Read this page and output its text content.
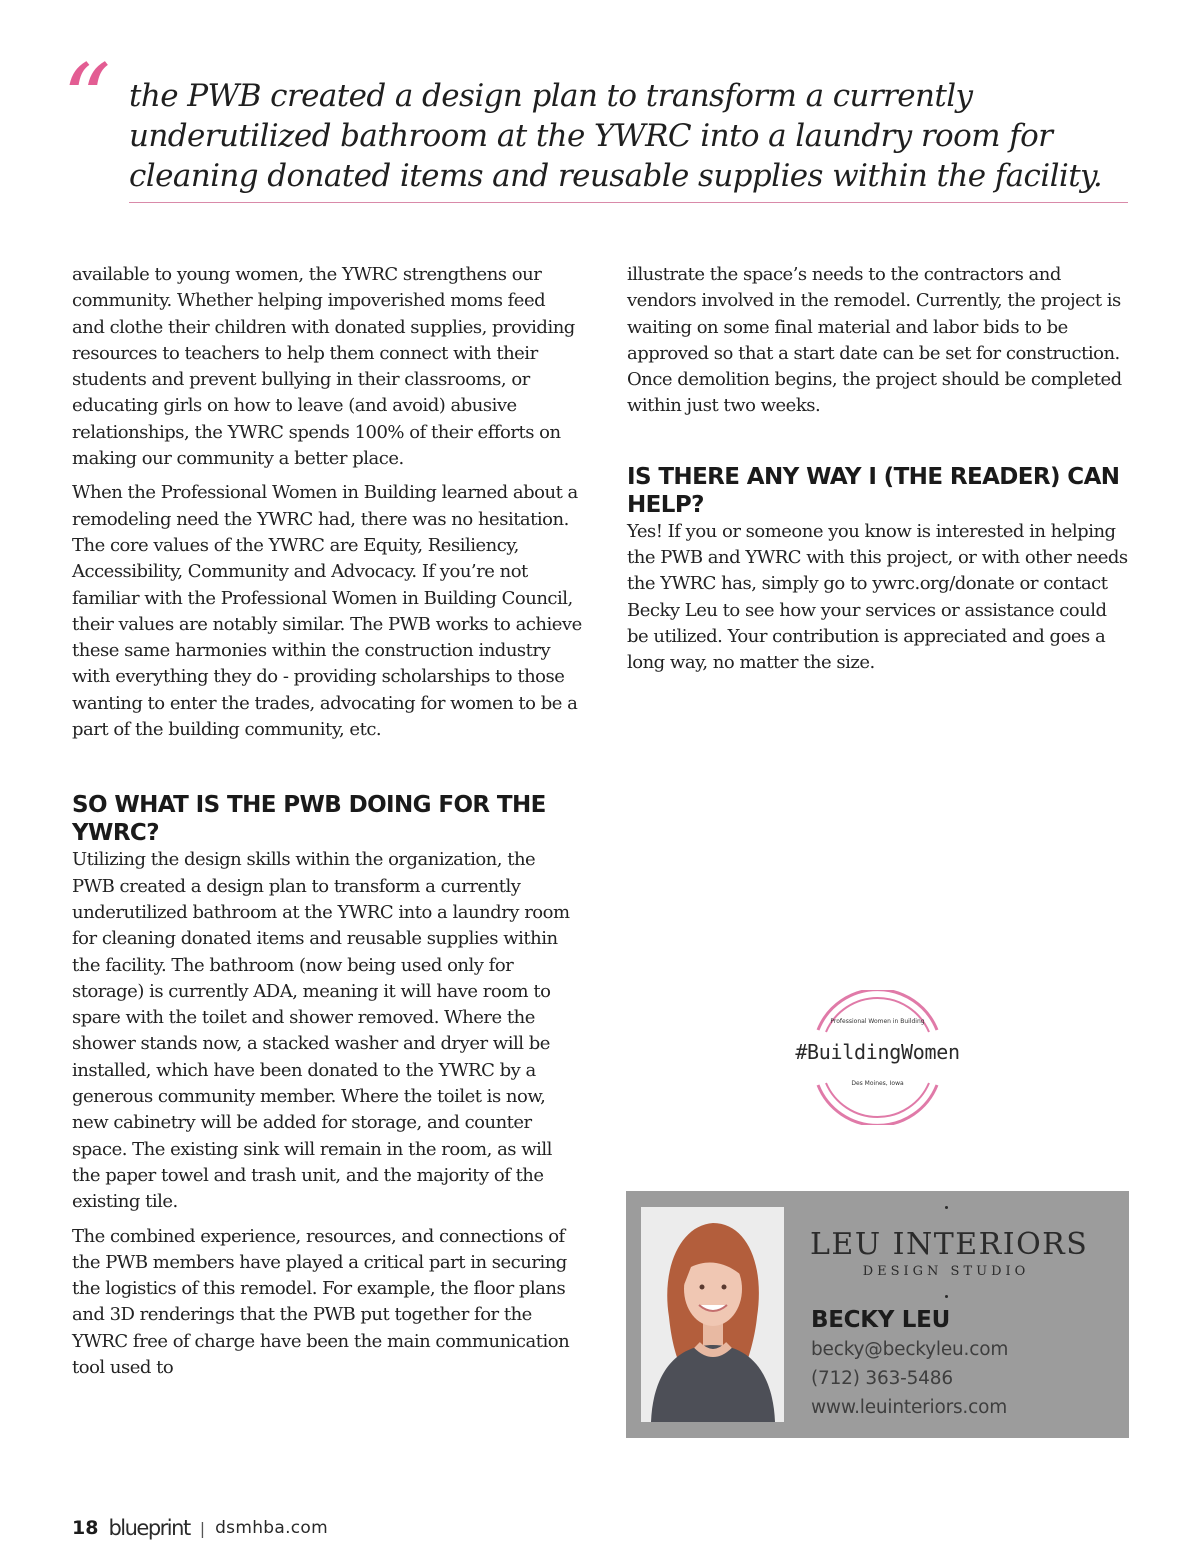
“ the PWB created a design plan to transform a currently underutilized bathroom at the YWRC into a laundry room for cleaning donated items and reusable supplies within the facility.

available to young women, the YWRC strengthens our community. Whether helping impoverished moms feed and clothe their children with donated supplies, providing resources to teachers to help them connect with their students and prevent bullying in their classrooms, or educating girls on how to leave (and avoid) abusive relationships, the YWRC spends 100% of their efforts on making our community a better place.

When the Professional Women in Building learned about a remodeling need the YWRC had, there was no hesitation. The core values of the YWRC are Equity, Resiliency, Accessibility, Community and Advocacy. If you’re not familiar with the Professional Women in Building Council, their values are notably similar. The PWB works to achieve these same harmonies within the construction industry with everything they do - providing scholarships to those wanting to enter the trades, advocating for women to be a part of the building community, etc.

SO WHAT IS THE PWB DOING FOR THE YWRC?

Utilizing the design skills within the organization, the PWB created a design plan to transform a currently underutilized bathroom at the YWRC into a laundry room for cleaning donated items and reusable supplies within the facility. The bathroom (now being used only for storage) is currently ADA, meaning it will have room to spare with the toilet and shower removed. Where the shower stands now, a stacked washer and dryer will be installed, which have been donated to the YWRC by a generous community member. Where the toilet is now, new cabinetry will be added for storage, and counter space. The existing sink will remain in the room, as will the paper towel and trash unit, and the majority of the existing tile.

The combined experience, resources, and connections of the PWB members have played a critical part in securing the logistics of this remodel. For example, the floor plans and 3D renderings that the PWB put together for the YWRC free of charge have been the main communication tool used to

illustrate the space’s needs to the contractors and vendors involved in the remodel. Currently, the project is waiting on some final material and labor bids to be approved so that a start date can be set for construction. Once demolition begins, the project should be completed within just two weeks.

IS THERE ANY WAY I (THE READER) CAN HELP?

Yes! If you or someone you know is interested in helping the PWB and YWRC with this project, or with other needs the YWRC has, simply go to ywrc.org/donate or contact Becky Leu to see how your services or assistance could be utilized. Your contribution is appreciated and goes a long way, no matter the size.

Professional Women in Building
#BuildingWomen
Des Moines, Iowa
LEU INTERIORS
DESIGN STUDIO
BECKY LEU
becky@beckyleu.com
(712) 363-5486
www.leuinteriors.com
18 blueprint | dsmhba.com
